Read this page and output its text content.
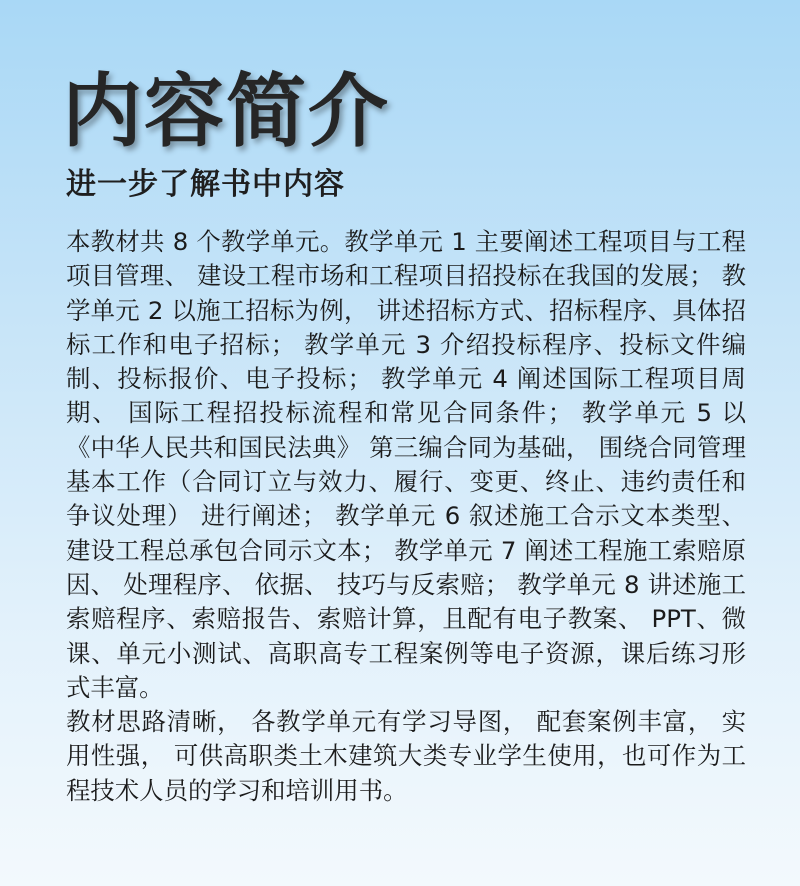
内容简介
进一步了解书中内容

本教材共 8 个教学单元。教学单元 1 主要阐述工程项目与工程项目管理、 建设工程市场和工程项目招投标在我国的发展； 教学单元 2 以施工招标为例， 讲述招标方式、招标程序、具体招标工作和电子招标； 教学单元 3 介绍投标程序、投标文件编制、投标报价、电子投标； 教学单元 4 阐述国际工程项目周期、 国际工程招投标流程和常见合同条件； 教学单元 5 以 《中华人民共和国民法典》 第三编合同为基础， 围绕合同管理基本工作（合同订立与效力、履行、变更、终止、违约责任和争议处理） 进行阐述； 教学单元 6 叙述施工合示文本类型、 建设工程总承包合同示文本； 教学单元 7 阐述工程施工索赔原因、 处理程序、 依据、 技巧与反索赔； 教学单元 8 讲述施工索赔程序、索赔报告、索赔计算，且配有电子教案、 PPT、微课、单元小测试、高职高专工程案例等电子资源，课后练习形式丰富。

教材思路清晰， 各教学单元有学习导图， 配套案例丰富， 实用性强， 可供高职类土木建筑大类专业学生使用，也可作为工程技术人员的学习和培训用书。
